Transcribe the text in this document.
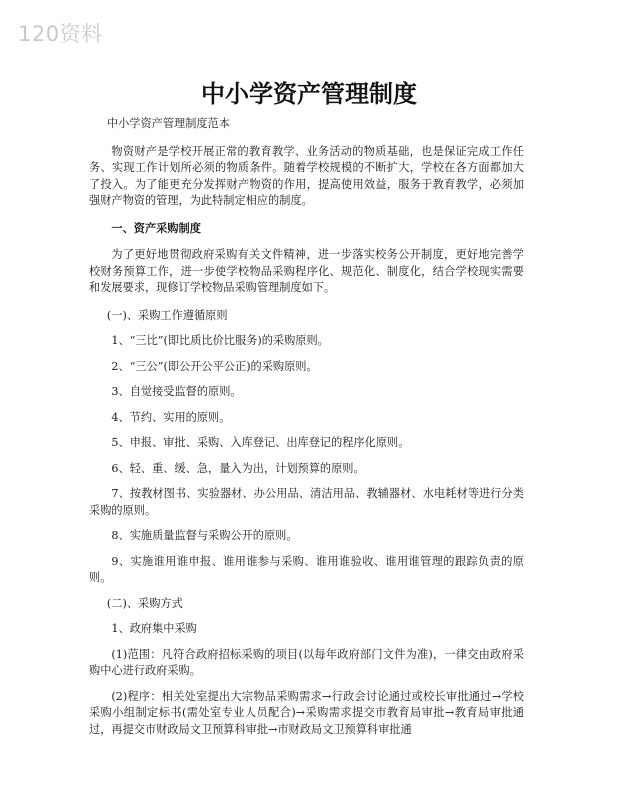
120资料
中小学资产管理制度

中小学资产管理制度范本

物资财产是学校开展正常的教育教学、业务活动的物质基础，也是保证完成工作任务、实现工作计划所必须的物质条件。随着学校规模的不断扩大，学校在各方面都加大了投入。为了能更充分发挥财产物资的作用，提高使用效益，服务于教育教学，必须加强财产物资的管理，为此特制定相应的制度。

一、资产采购制度

为了更好地贯彻政府采购有关文件精神，进一步落实校务公开制度，更好地完善学校财务预算工作，进一步使学校物品采购程序化、规范化、制度化，结合学校现实需要和发展要求，现修订学校物品采购管理制度如下。

(一)、采购工作遵循原则

1、“三比”(即比质比价比服务)的采购原则。

2、“三公”(即公开公平公正)的采购原则。

3、自觉接受监督的原则。

4、节约、实用的原则。

5、申报、审批、采购、入库登记、出库登记的程序化原则。

6、轻、重、缓、急，量入为出，计划预算的原则。

7、按教材图书、实验器材、办公用品、清洁用品、教辅器材、水电耗材等进行分类采购的原则。

8、实施质量监督与采购公开的原则。

9、实施谁用谁申报、谁用谁参与采购、谁用谁验收、谁用谁管理的跟踪负责的原则。

(二)、采购方式

1、政府集中采购

(1)范围：凡符合政府招标采购的项目(以每年政府部门文件为准)，一律交由政府采购中心进行政府采购。

(2)程序：相关处室提出大宗物品采购需求→行政会讨论通过或校长审批通过→学校采购小组制定标书(需处室专业人员配合)→采购需求提交市教育局审批→教育局审批通过，再提交市财政局文卫预算科审批→市财政局文卫预算科审批通
